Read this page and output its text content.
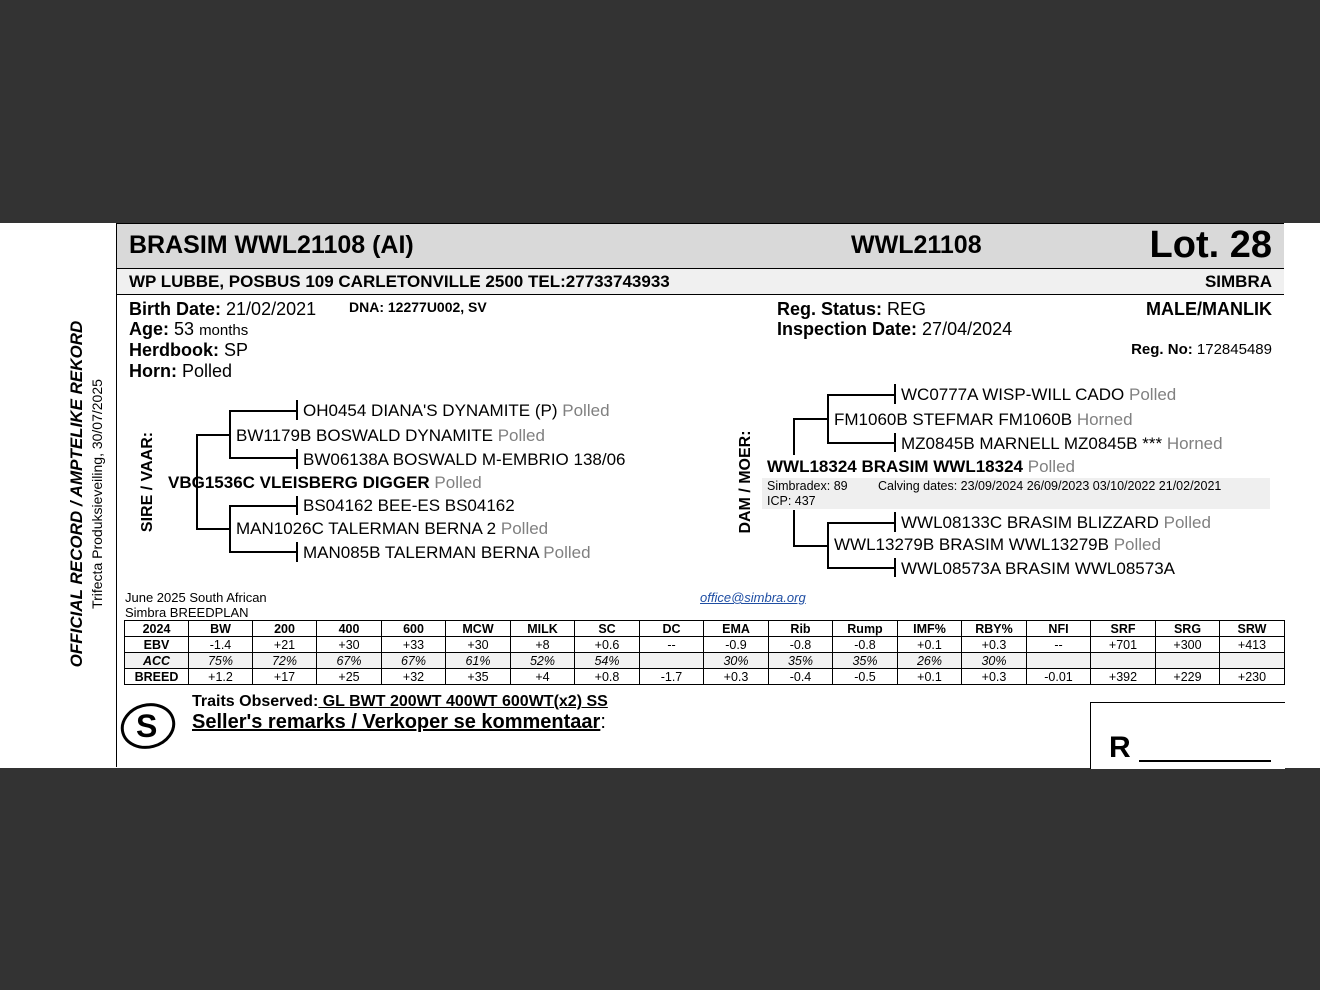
OFFICIAL RECORD / AMPTELIKE REKORD Trifecta Produksieveiling, 30/07/2025
BRASIM WWL21108 (AI)	WWL21108	Lot. 28
WP LUBBE, POSBUS 109 CARLETONVILLE 2500 TEL:27733743933	SIMBRA
Birth Date: 21/02/2021 DNA: 12277U002, SV
Age: 53 months
Herdbook: SP
Horn: Polled
Reg. Status: REG
Inspection Date: 27/04/2024
MALE/MANLIK
Reg. No: 172845489
SIRE / VAAR:
OH0454 DIANA'S DYNAMITE (P) Polled
BW1179B BOSWALD DYNAMITE Polled
BW06138A BOSWALD M-EMBRIO 138/06
VBG1536C VLEISBERG DIGGER Polled
BS04162 BEE-ES BS04162
MAN1026C TALERMAN BERNA 2 Polled
MAN085B TALERMAN BERNA Polled
DAM / MOER:
WC0777A WISP-WILL CADO Polled
FM1060B STEFMAR FM1060B Horned
MZ0845B MARNELL MZ0845B *** Horned
WWL18324 BRASIM WWL18324 Polled
Simbradex: 89 Calving dates: 23/09/2024 26/09/2023 03/10/2022 21/02/2021
ICP: 437
WWL08133C BRASIM BLIZZARD Polled
WWL13279B BRASIM WWL13279B Polled
WWL08573A BRASIM WWL08573A
June 2025 South African
Simbra BREEDPLAN
office@simbra.org
2024	BW	200	400	600	MCW	MILK	SC	DC	EMA	Rib	Rump	IMF%	RBY%	NFI	SRF	SRG	SRW
EBV	-1.4	+21	+30	+33	+30	+8	+0.6	--	-0.9	-0.8	-0.8	+0.1	+0.3	--	+701	+300	+413
ACC	75%	72%	67%	67%	61%	52%	54%		30%	35%	35%	26%	30%				
BREED	+1.2	+17	+25	+32	+35	+4	+0.8	-1.7	+0.3	-0.4	-0.5	+0.1	+0.3	-0.01	+392	+229	+230
S
Traits Observed: GL BWT 200WT 400WT 600WT(x2) SS
Seller's remarks / Verkoper se kommentaar:
R
